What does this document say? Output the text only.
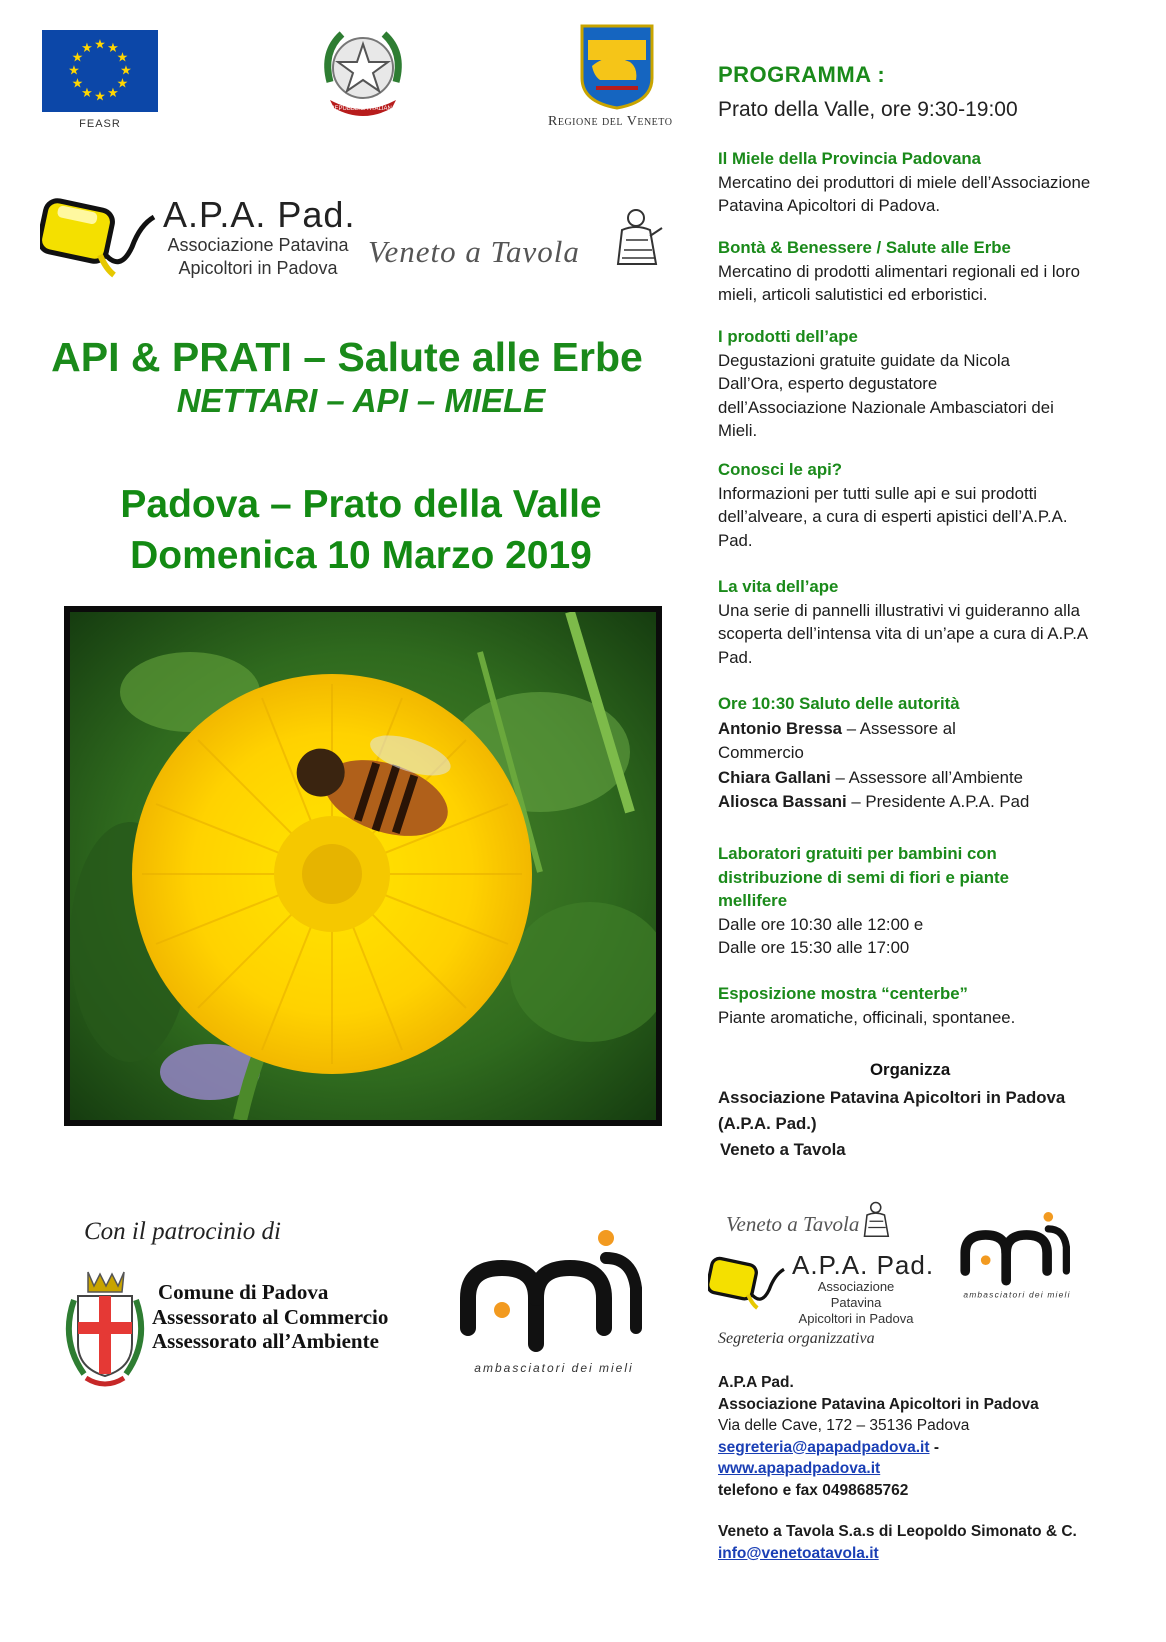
★ ★
★
★
★
★
★
★
★
★
★
★
FEASR
REPUBBLICA ITALIANA
Regione del Veneto
A.P.A. Pad.
Associazione Patavina
Apicoltori in Padova Veneto a Tavola
API & PRATI – Salute alle Erbe
NETTARI – API – MIELE
Padova – Prato della Valle
Domenica 10 Marzo 2019
Con il patrocinio di
Comune di Padova
Assessorato al Commercio
Assessorato all’Ambiente
ambasciatori dei mieli
PROGRAMMA :
Prato della Valle, ore 9:30-19:00
Il Miele della Provincia Padovana
Mercatino dei produttori di miele dell’Associazione Patavina Apicoltori di Padova.
Bontà & Benessere / Salute alle Erbe
Mercatino di prodotti alimentari regionali ed i loro mieli, articoli salutistici ed erboristici.
I prodotti dell’ape
Degustazioni gratuite guidate da Nicola Dall’Ora, esperto degustatore dell’Associazione Nazionale Ambasciatori dei Mieli.
Conosci le api?
Informazioni per tutti sulle api e sui prodotti dell’alveare, a cura di esperti apistici dell’A.P.A. Pad.
La vita dell’ape
Una serie di pannelli illustrativi vi guideranno alla scoperta dell’intensa vita di un’ape a cura di A.P.A Pad.
Ore 10:30 Saluto delle autorità
Antonio Bressa – Assessore al Commercio
Chiara Gallani – Assessore all’Ambiente
Aliosca Bassani – Presidente A.P.A. Pad
Laboratori gratuiti per bambini con distribuzione di semi di fiori e piante mellifere
Dalle ore 10:30 alle 12:00 e
Dalle ore 15:30 alle 17:00
Esposizione mostra “centerbe”
Piante aromatiche, officinali, spontanee.
Organizza
Associazione Patavina Apicoltori in Padova
(A.P.A. Pad.)
Veneto a Tavola
Veneto a Tavola
A.P.A. Pad.
Associazione Patavina
Apicoltori in Padova
ambasciatori dei mieli
Segreteria organizzativa
A.P.A Pad.
Associazione Patavina Apicoltori in Padova
Via delle Cave, 172 – 35136 Padova
segreteria@apapadpadova.it -
www.apapadpadova.it
telefono e fax 0498685762
Veneto a Tavola S.a.s di Leopoldo Simonato & C.
info@venetoatavola.it
